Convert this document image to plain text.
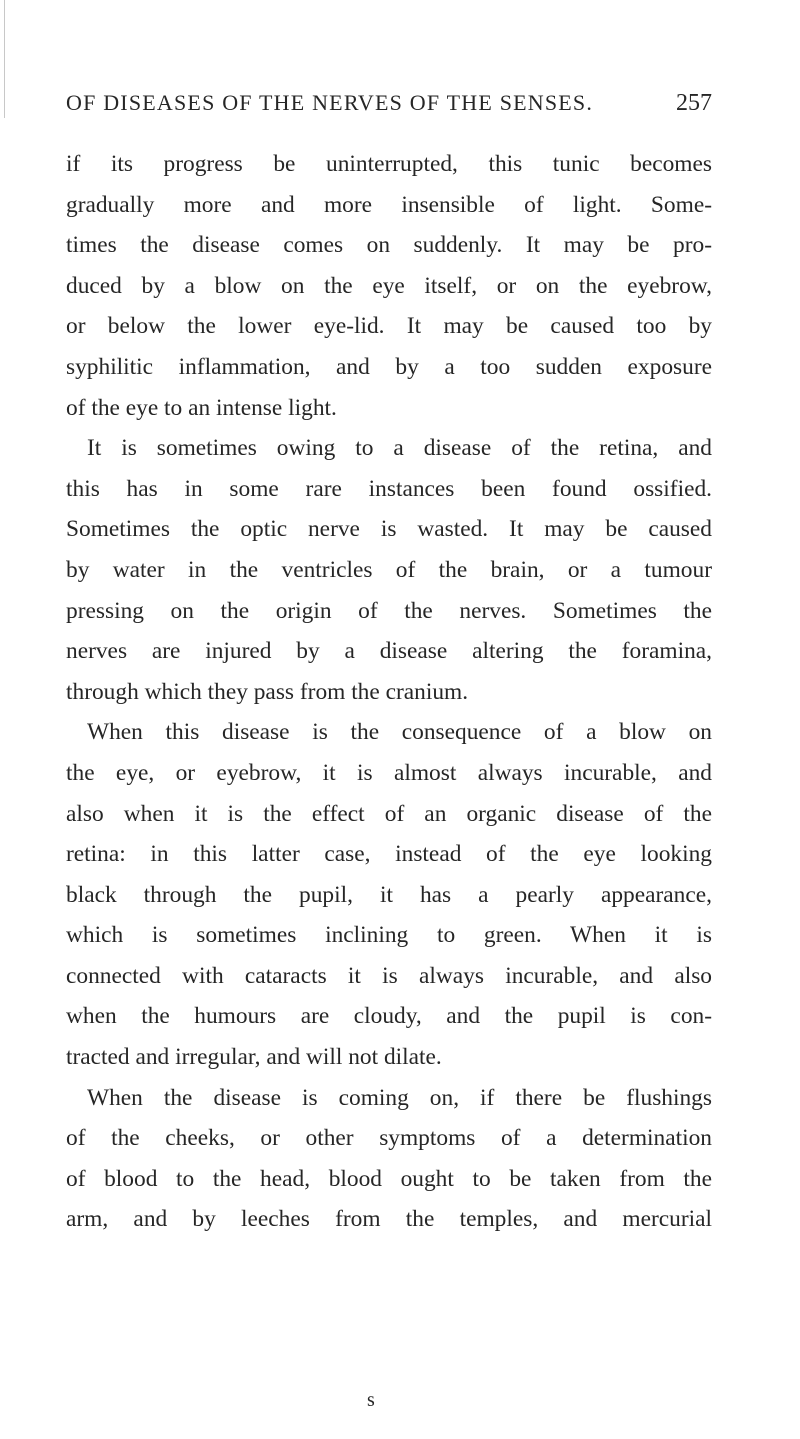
OF DISEASES OF THE NERVES OF THE SENSES.	257
if its progress be uninterrupted, this tunic becomes
gradually more and more insensible of light. Some-
times the disease comes on suddenly. It may be pro-
duced by a blow on the eye itself, or on the eyebrow,
or below the lower eye-lid. It may be caused too by
syphilitic inflammation, and by a too sudden exposure
of the eye to an intense light.
It is sometimes owing to a disease of the retina, and
this has in some rare instances been found ossified.
Sometimes the optic nerve is wasted. It may be caused
by water in the ventricles of the brain, or a tumour
pressing on the origin of the nerves. Sometimes the
nerves are injured by a disease altering the foramina,
through which they pass from the cranium.
When this disease is the consequence of a blow on
the eye, or eyebrow, it is almost always incurable, and
also when it is the effect of an organic disease of the
retina: in this latter case, instead of the eye looking
black through the pupil, it has a pearly appearance,
which is sometimes inclining to green. When it is
connected with cataracts it is always incurable, and also
when the humours are cloudy, and the pupil is con-
tracted and irregular, and will not dilate.
When the disease is coming on, if there be flushings
of the cheeks, or other symptoms of a determination
of blood to the head, blood ought to be taken from the
arm, and by leeches from the temples, and mercurial
s
